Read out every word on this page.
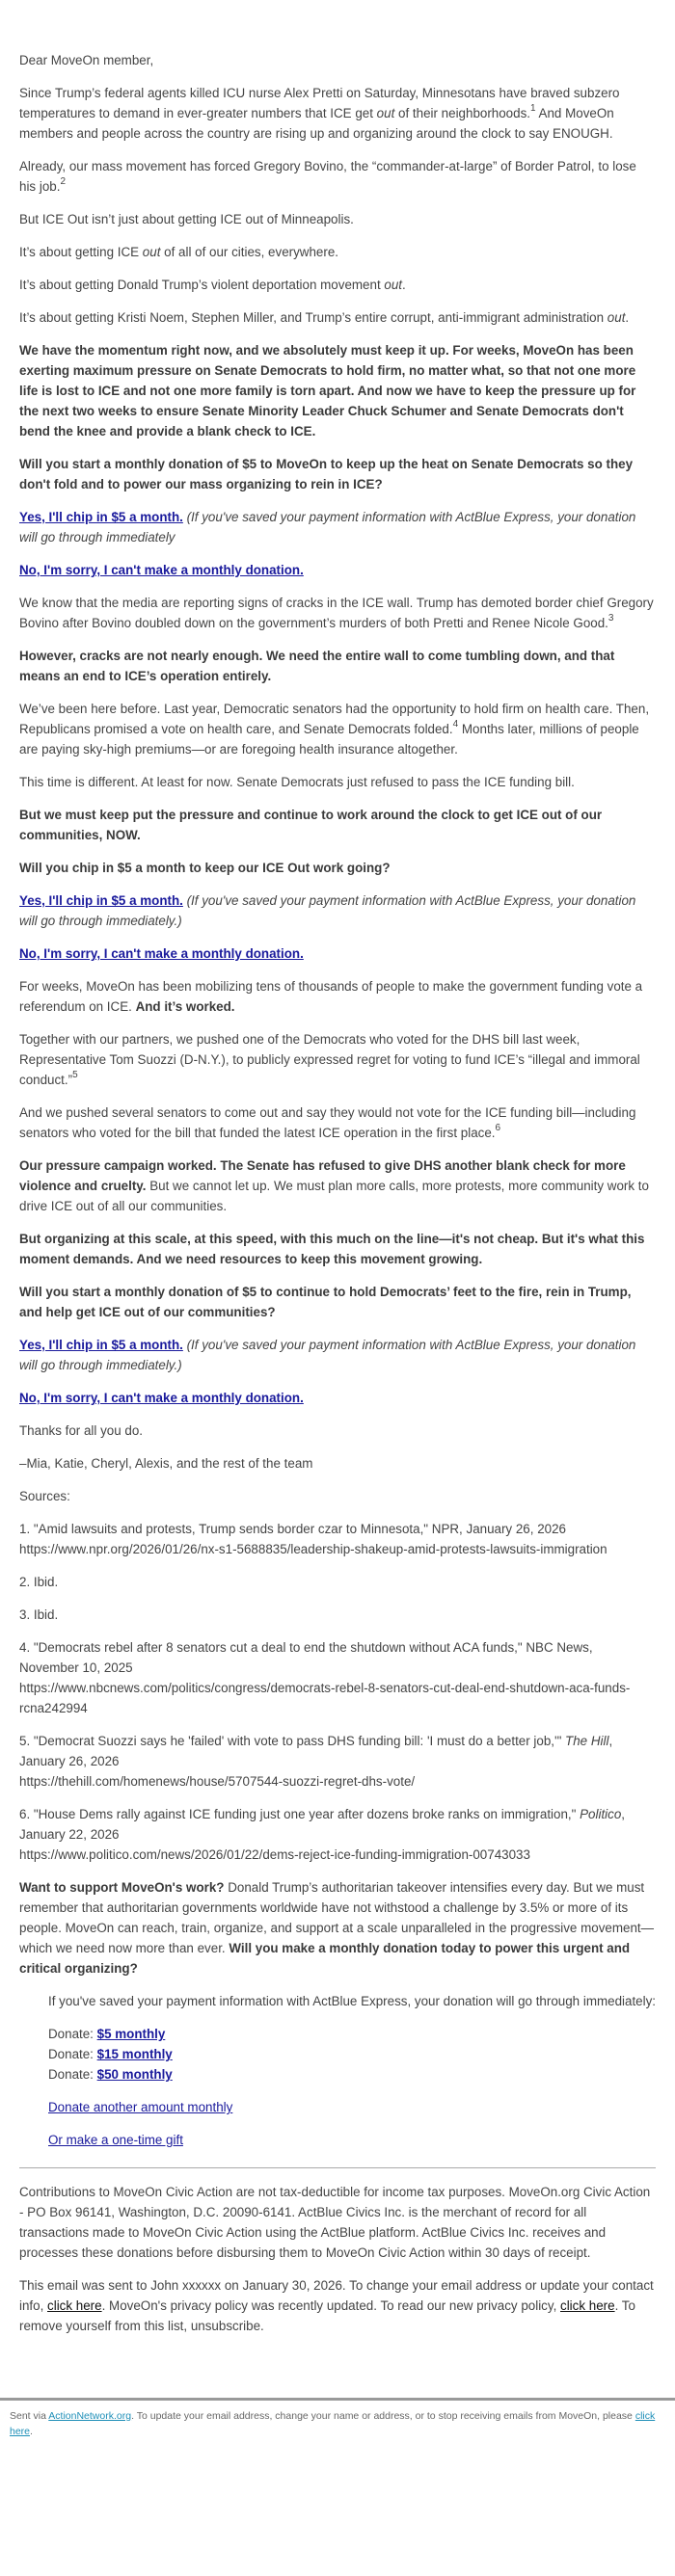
Dear MoveOn member,

Since Trump’s federal agents killed ICU nurse Alex Pretti on Saturday, Minnesotans have braved subzero temperatures to demand in ever-greater numbers that ICE get out of their neighborhoods.$^1$ And MoveOn members and people across the country are rising up and organizing around the clock to say ENOUGH.

Already, our mass movement has forced Gregory Bovino, the “commander-at-large” of Border Patrol, to lose his job.$^2$

But ICE Out isn’t just about getting ICE out of Minneapolis.

It’s about getting ICE out of all of our cities, everywhere.

It’s about getting Donald Trump’s violent deportation movement out.

It’s about getting Kristi Noem, Stephen Miller, and Trump’s entire corrupt, anti-immigrant administration out.

We have the momentum right now, and we absolutely must keep it up. For weeks, MoveOn has been exerting maximum pressure on Senate Democrats to hold firm, no matter what, so that not one more life is lost to ICE and not one more family is torn apart. And now we have to keep the pressure up for the next two weeks to ensure Senate Minority Leader Chuck Schumer and Senate Democrats don't bend the knee and provide a blank check to ICE.

Will you start a monthly donation of $5 to MoveOn to keep up the heat on Senate Democrats so they don't fold and to power our mass organizing to rein in ICE?

Yes, I'll chip in $5 a month. (If you've saved your payment information with ActBlue Express, your donation will go through immediately

No, I'm sorry, I can't make a monthly donation.

We know that the media are reporting signs of cracks in the ICE wall. Trump has demoted border chief Gregory Bovino after Bovino doubled down on the government’s murders of both Pretti and Renee Nicole Good.$^3$

However, cracks are not nearly enough. We need the entire wall to come tumbling down, and that means an end to ICE’s operation entirely.

We’ve been here before. Last year, Democratic senators had the opportunity to hold firm on health care. Then, Republicans promised a vote on health care, and Senate Democrats folded.$^4$ Months later, millions of people are paying sky-high premiums—or are foregoing health insurance altogether.

This time is different. At least for now. Senate Democrats just refused to pass the ICE funding bill.

But we must keep put the pressure and continue to work around the clock to get ICE out of our communities, NOW.

Will you chip in $5 a month to keep our ICE Out work going?

Yes, I'll chip in $5 a month. (If you've saved your payment information with ActBlue Express, your donation will go through immediately.)

No, I'm sorry, I can't make a monthly donation.

For weeks, MoveOn has been mobilizing tens of thousands of people to make the government funding vote a referendum on ICE. And it’s worked.

Together with our partners, we pushed one of the Democrats who voted for the DHS bill last week, Representative Tom Suozzi (D-N.Y.), to publicly expressed regret for voting to fund ICE’s “illegal and immoral conduct.”$^5$

And we pushed several senators to come out and say they would not vote for the ICE funding bill—including senators who voted for the bill that funded the latest ICE operation in the first place.$^6$

Our pressure campaign worked. The Senate has refused to give DHS another blank check for more violence and cruelty. But we cannot let up. We must plan more calls, more protests, more community work to drive ICE out of all our communities.

But organizing at this scale, at this speed, with this much on the line—it's not cheap. But it's what this moment demands. And we need resources to keep this movement growing.

Will you start a monthly donation of $5 to continue to hold Democrats’ feet to the fire, rein in Trump, and help get ICE out of our communities?

Yes, I'll chip in $5 a month. (If you've saved your payment information with ActBlue Express, your donation will go through immediately.)

No, I'm sorry, I can't make a monthly donation.

Thanks for all you do.

–Mia, Katie, Cheryl, Alexis, and the rest of the team

Sources:

1. "Amid lawsuits and protests, Trump sends border czar to Minnesota," NPR, January 26, 2026
https://www.npr.org/2026/01/26/nx-s1-5688835/leadership-shakeup-amid-protests-lawsuits-immigration

2. Ibid.

3. Ibid.

4. "Democrats rebel after 8 senators cut a deal to end the shutdown without ACA funds," NBC News, November 10, 2025
https://www.nbcnews.com/politics/congress/democrats-rebel-8-senators-cut-deal-end-shutdown-aca-funds-rcna242994

5. "Democrat Suozzi says he 'failed' with vote to pass DHS funding bill: 'I must do a better job,'" The Hill, January 26, 2026
https://thehill.com/homenews/house/5707544-suozzi-regret-dhs-vote/

6. "House Dems rally against ICE funding just one year after dozens broke ranks on immigration," Politico, January 22, 2026
https://www.politico.com/news/2026/01/22/dems-reject-ice-funding-immigration-00743033

Want to support MoveOn's work? Donald Trump’s authoritarian takeover intensifies every day. But we must remember that authoritarian governments worldwide have not withstood a challenge by 3.5% or more of its people. MoveOn can reach, train, organize, and support at a scale unparalleled in the progressive movement—which we need now more than ever. Will you make a monthly donation today to power this urgent and critical organizing?

If you've saved your payment information with ActBlue Express, your donation will go through immediately:

Donate: $5 monthly
Donate: $15 monthly
Donate: $50 monthly

Donate another amount monthly

Or make a one-time gift

Contributions to MoveOn Civic Action are not tax-deductible for income tax purposes. MoveOn.org Civic Action - PO Box 96141, Washington, D.C. 20090-6141. ActBlue Civics Inc. is the merchant of record for all transactions made to MoveOn Civic Action using the ActBlue platform. ActBlue Civics Inc. receives and processes these donations before disbursing them to MoveOn Civic Action within 30 days of receipt.

This email was sent to John xxxxxx on January 30, 2026. To change your email address or update your contact info, click here. MoveOn's privacy policy was recently updated. To read our new privacy policy, click here. To remove yourself from this list, unsubscribe.

Sent via ActionNetwork.org. To update your email address, change your name or address, or to stop receiving emails from MoveOn, please click here.
